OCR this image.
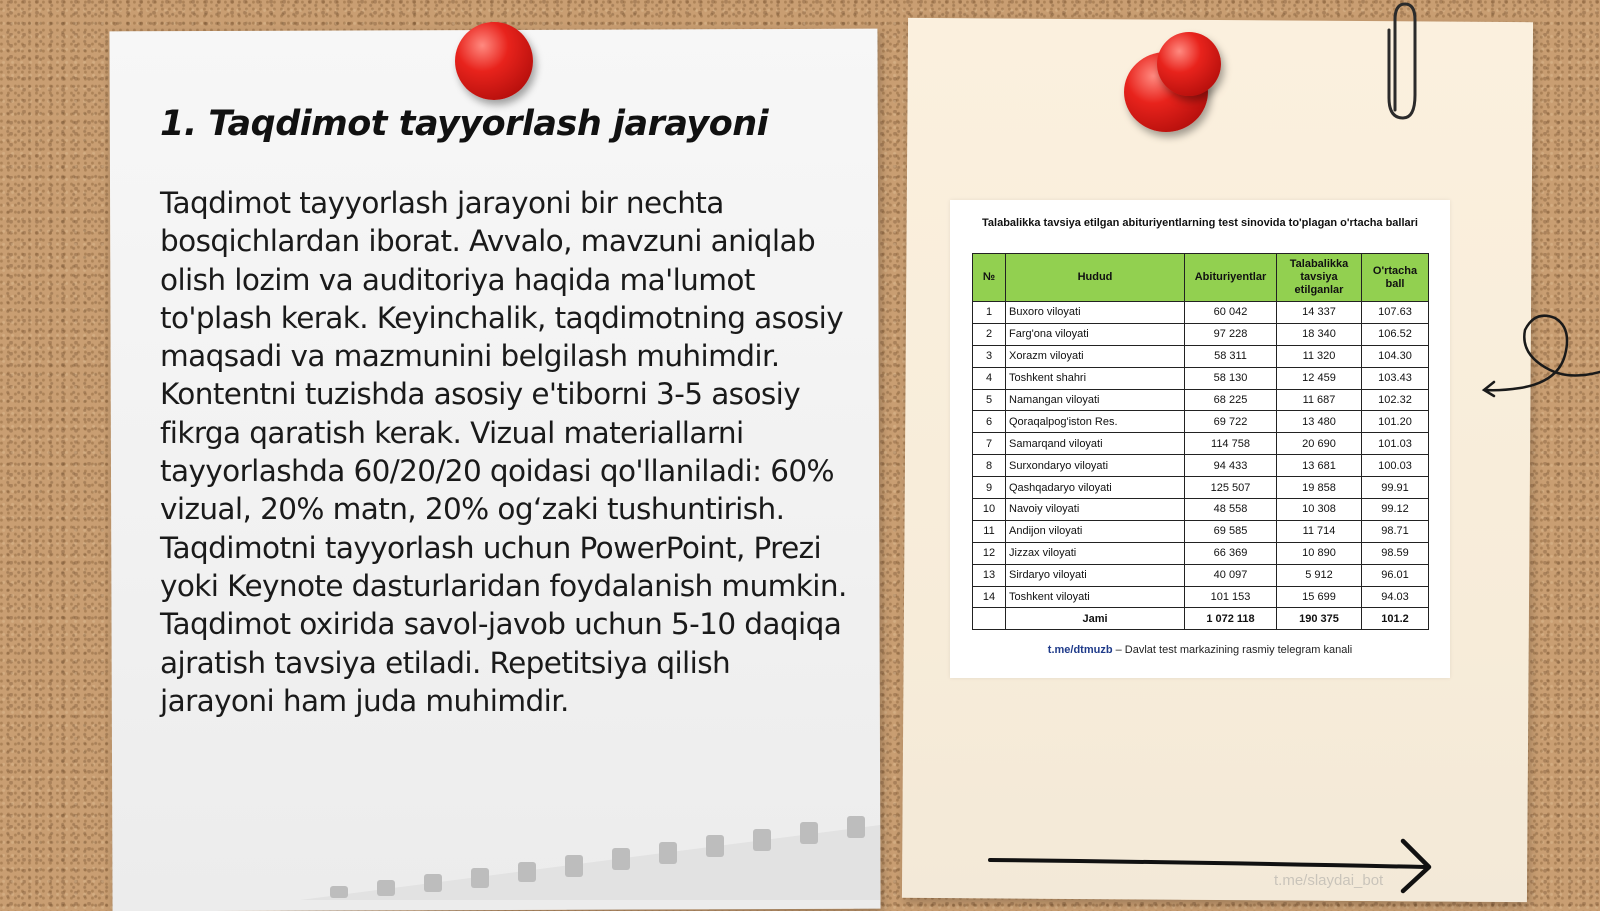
1. Taqdimot tayyorlash jarayoni

Taqdimot tayyorlash jarayoni bir nechta bosqichlardan iborat. Avvalo, mavzuni aniqlab olish lozim va auditoriya haqida ma'lumot to'plash kerak. Keyinchalik, taqdimotning asosiy maqsadi va mazmunini belgilash muhimdir. Kontentni tuzishda asosiy e'tiborni 3-5 asosiy fikrga qaratish kerak. Vizual materiallarni tayyorlashda 60/20/20 qoidasi qo'llaniladi: 60% vizual, 20% matn, 20% og‘zaki tushuntirish. Taqdimotni tayyorlash uchun PowerPoint, Prezi yoki Keynote dasturlaridan foydalanish mumkin. Taqdimot oxirida savol-javob uchun 5-10 daqiqa ajratish tavsiya etiladi. Repetitsiya qilish jarayoni ham juda muhimdir.

Talabalikka tavsiya etilgan abituriyentlarning test sinovida to'plagan o'rtacha ballari

№	Hudud	Abituriyentlar	Talabalikka tavsiya etilganlar	O'rtacha ball
1	Buxoro viloyati	60 042	14 337	107.63
2	Farg'ona viloyati	97 228	18 340	106.52
3	Xorazm viloyati	58 311	11 320	104.30
4	Toshkent shahri	58 130	12 459	103.43
5	Namangan viloyati	68 225	11 687	102.32
6	Qoraqalpog'iston Res.	69 722	13 480	101.20
7	Samarqand viloyati	114 758	20 690	101.03
8	Surxondaryo viloyati	94 433	13 681	100.03
9	Qashqadaryo viloyati	125 507	19 858	99.91
10	Navoiy viloyati	48 558	10 308	99.12
11	Andijon viloyati	69 585	11 714	98.71
12	Jizzax viloyati	66 369	10 890	98.59
13	Sirdaryo viloyati	40 097	5 912	96.01
14	Toshkent viloyati	101 153	15 699	94.03
	Jami	1 072 118	190 375	101.2

t.me/dtmuzb – Davlat test markazining rasmiy telegram kanali

t.me/slaydai_bot
